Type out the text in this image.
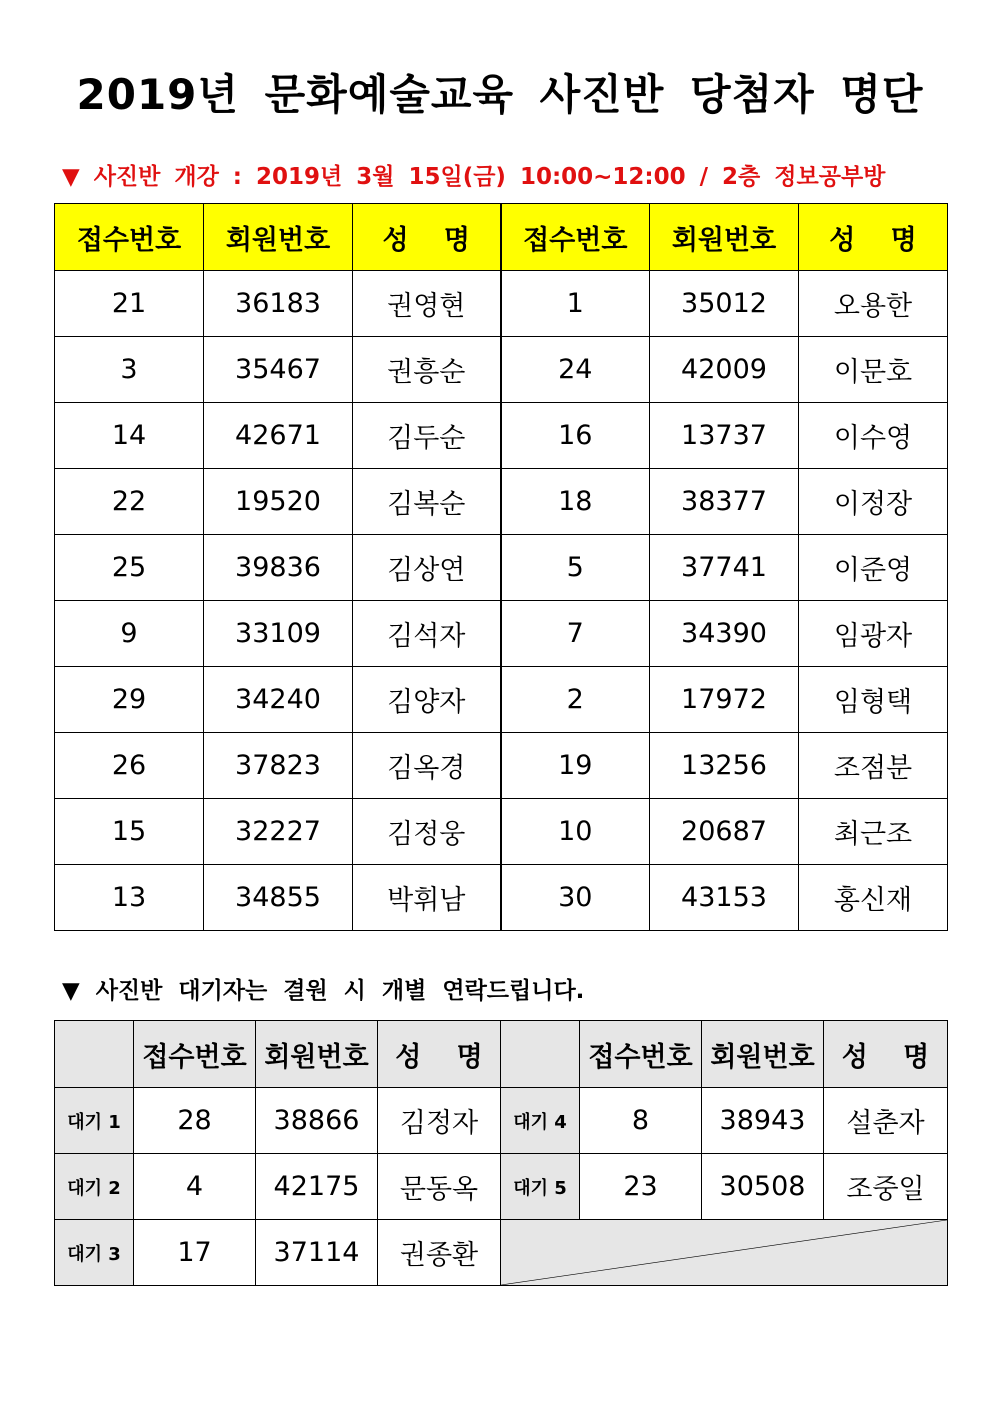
2019년 문화예술교육 사진반 당첨자 명단
▼ 사진반 개강 : 2019년 3월 15일(금) 10:00~12:00 / 2층 정보공부방
접수번호	회원번호	성 명	접수번호	회원번호	성 명
21	36183	권영현	1	35012	오용한
3	35467	권흥순	24	42009	이문호
14	42671	김두순	16	13737	이수영
22	19520	김복순	18	38377	이정장
25	39836	김상연	5	37741	이준영
9	33109	김석자	7	34390	임광자
29	34240	김양자	2	17972	임형택
26	37823	김옥경	19	13256	조점분
15	32227	김정웅	10	20687	최근조
13	34855	박휘남	30	43153	홍신재
▼ 사진반 대기자는 결원 시 개별 연락드립니다.
	접수번호	회원번호	성 명		접수번호	회원번호	성 명
대기 1	28	38866	김정자	대기 4	8	38943	설춘자
대기 2	4	42175	문동옥	대기 5	23	30508	조중일
대기 3	17	37114	권종환	
